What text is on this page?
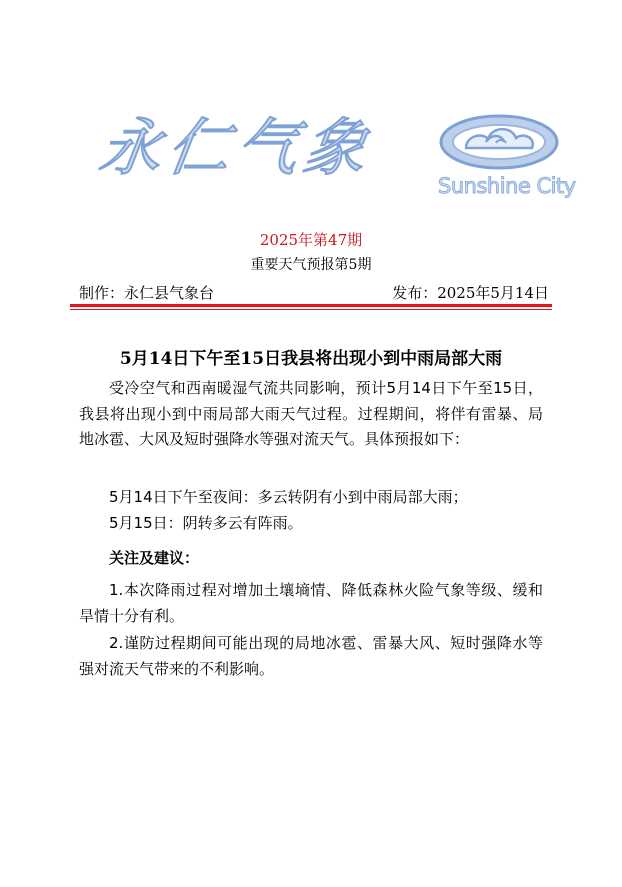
永仁气象
Sunshine City
2025年第47期
重要天气预报第5期
制作：永仁县气象台	发布：2025年5月14日
5月14日下午至15日我县将出现小到中雨局部大雨
受冷空气和西南暖湿气流共同影响，预计5月14日下午至15日，我县将出现小到中雨局部大雨天气过程。过程期间，将伴有雷暴、局地冰雹、大风及短时强降水等强对流天气。具体预报如下：
5月14日下午至夜间：多云转阴有小到中雨局部大雨；
5月15日：阴转多云有阵雨。
关注及建议：
1.本次降雨过程对增加土壤墒情、降低森林火险气象等级、缓和旱情十分有利。
2.谨防过程期间可能出现的局地冰雹、雷暴大风、短时强降水等强对流天气带来的不利影响。
